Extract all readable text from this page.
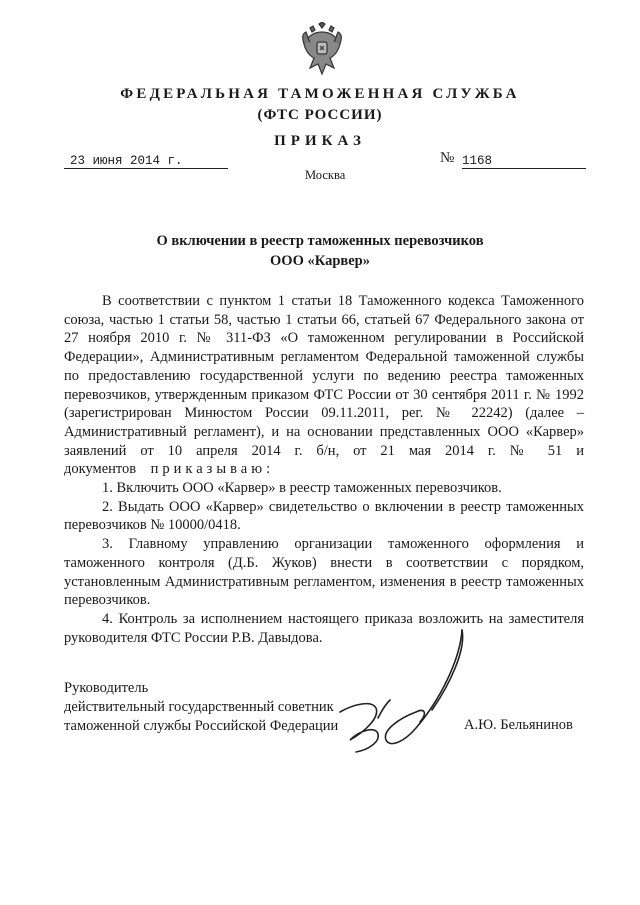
ФЕДЕРАЛЬНАЯ ТАМОЖЕННАЯ СЛУЖБА
(ФТС РОССИИ)
ПРИКАЗ
23 июня 2014 г.	№ 1168
Москва
О включении в реестр таможенных перевозчиков
ООО «Карвер»

В соответствии с пунктом 1 статьи 18 Таможенного кодекса Таможенного союза, частью 1 статьи 58, частью 1 статьи 66, статьей 67 Федерального закона от 27 ноября 2010 г. № 311-ФЗ «О таможенном регулировании в Российской Федерации», Административным регламентом Федеральной таможенной службы по предоставлению государственной услуги по ведению реестра таможенных перевозчиков, утвержденным приказом ФТС России от 30 сентября 2011 г. № 1992 (зарегистрирован Минюстом России 09.11.2011, рег. № 22242) (далее – Административный регламент), и на основании представленных ООО «Карвер» заявлений от 10 апреля 2014 г. б/н, от 21 мая 2014 г. № 51 и документов приказываю:

1. Включить ООО «Карвер» в реестр таможенных перевозчиков.

2. Выдать ООО «Карвер» свидетельство о включении в реестр таможенных перевозчиков № 10000/0418.

3. Главному управлению организации таможенного оформления и таможенного контроля (Д.Б. Жуков) внести в соответствии с порядком, установленным Административным регламентом, изменения в реестр таможенных перевозчиков.

4. Контроль за исполнением настоящего приказа возложить на заместителя руководителя ФТС России Р.В. Давыдова.

Руководитель
действительный государственный советник
таможенной службы Российской Федерации	А.Ю. Бельянинов
